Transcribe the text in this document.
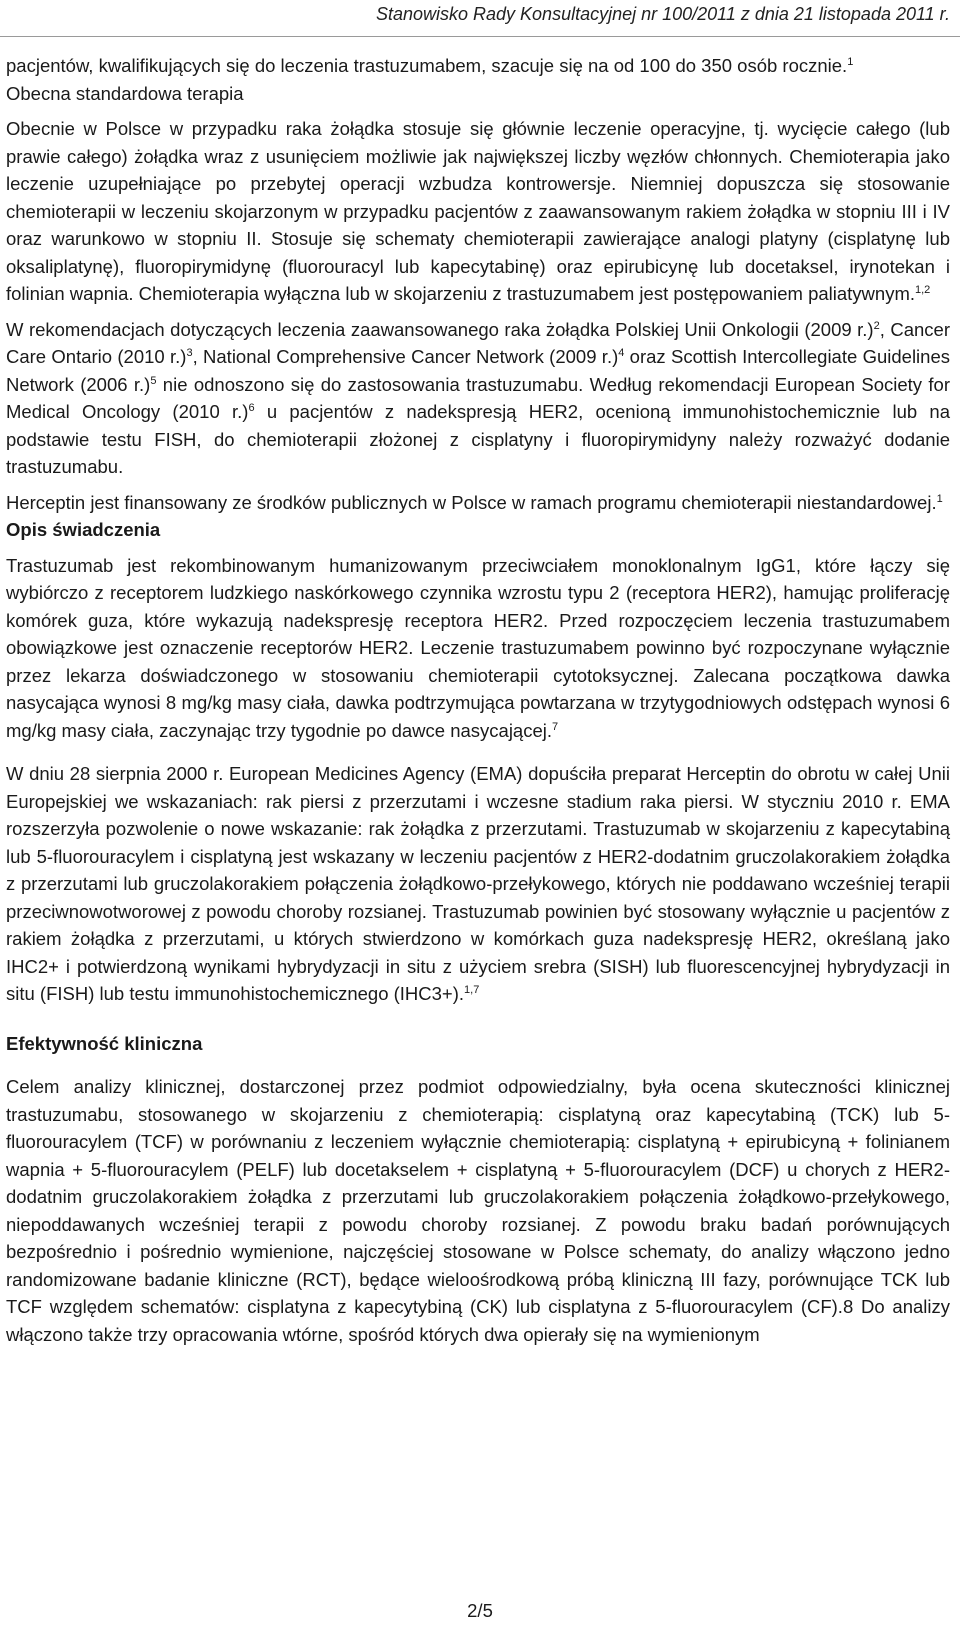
Stanowisko Rady Konsultacyjnej nr 100/2011 z dnia 21 listopada 2011 r.

pacjentów, kwalifikujących się do leczenia trastuzumabem, szacuje się na od 100 do 350 osób rocznie.$^1$

Obecna standardowa terapia

Obecnie w Polsce w przypadku raka żołądka stosuje się głównie leczenie operacyjne, tj. wycięcie całego (lub prawie całego) żołądka wraz z usunięciem możliwie jak największej liczby węzłów chłonnych. Chemioterapia jako leczenie uzupełniające po przebytej operacji wzbudza kontrowersje. Niemniej dopuszcza się stosowanie chemioterapii w leczeniu skojarzonym w przypadku pacjentów z zaawansowanym rakiem żołądka w stopniu III i IV oraz warunkowo w stopniu II. Stosuje się schematy chemioterapii zawierające analogi platyny (cisplatynę lub oksaliplatynę), fluoropirymidynę (fluorouracyl lub kapecytabinę) oraz epirubicynę lub docetaksel, irynotekan i folinian wapnia. Chemioterapia wyłączna lub w skojarzeniu z trastuzumabem jest postępowaniem paliatywnym.$^{1,2}$

W rekomendacjach dotyczących leczenia zaawansowanego raka żołądka Polskiej Unii Onkologii (2009 r.)$^2$, Cancer Care Ontario (2010 r.)$^3$, National Comprehensive Cancer Network (2009 r.)$^4$ oraz Scottish Intercollegiate Guidelines Network (2006 r.)$^5$ nie odnoszono się do zastosowania trastuzumabu. Według rekomendacji European Society for Medical Oncology (2010 r.)$^6$ u pacjentów z nadekspresją HER2, ocenioną immunohistochemicznie lub na podstawie testu FISH, do chemioterapii złożonej z cisplatyny i fluoropirymidyny należy rozważyć dodanie trastuzumabu.

Herceptin jest finansowany ze środków publicznych w Polsce w ramach programu chemioterapii niestandardowej.$^1$

Opis świadczenia

Trastuzumab jest rekombinowanym humanizowanym przeciwciałem monoklonalnym IgG1, które łączy się wybiórczo z receptorem ludzkiego naskórkowego czynnika wzrostu typu 2 (receptora HER2), hamując proliferację komórek guza, które wykazują nadekspresję receptora HER2. Przed rozpoczęciem leczenia trastuzumabem obowiązkowe jest oznaczenie receptorów HER2. Leczenie trastuzumabem powinno być rozpoczynane wyłącznie przez lekarza doświadczonego w stosowaniu chemioterapii cytotoksycznej. Zalecana początkowa dawka nasycająca wynosi 8 mg/kg masy ciała, dawka podtrzymująca powtarzana w trzytygodniowych odstępach wynosi 6 mg/kg masy ciała, zaczynając trzy tygodnie po dawce nasycającej.$^7$

W dniu 28 sierpnia 2000 r. European Medicines Agency (EMA) dopuściła preparat Herceptin do obrotu w całej Unii Europejskiej we wskazaniach: rak piersi z przerzutami i wczesne stadium raka piersi. W styczniu 2010 r. EMA rozszerzyła pozwolenie o nowe wskazanie: rak żołądka z przerzutami. Trastuzumab w skojarzeniu z kapecytabiną lub 5-fluorouracylem i cisplatyną jest wskazany w leczeniu pacjentów z HER2-dodatnim gruczolakorakiem żołądka z przerzutami lub gruczolakorakiem połączenia żołądkowo-przełykowego, których nie poddawano wcześniej terapii przeciwnowotworowej z powodu choroby rozsianej. Trastuzumab powinien być stosowany wyłącznie u pacjentów z rakiem żołądka z przerzutami, u których stwierdzono w komórkach guza nadekspresję HER2, określaną jako IHC2+ i potwierdzoną wynikami hybrydyzacji in situ z użyciem srebra (SISH) lub fluorescencyjnej hybrydyzacji in situ (FISH) lub testu immunohistochemicznego (IHC3+).$^{1,7}$

Efektywność kliniczna

Celem analizy klinicznej, dostarczonej przez podmiot odpowiedzialny, była ocena skuteczności klinicznej trastuzumabu, stosowanego w skojarzeniu z chemioterapią: cisplatyną oraz kapecytabiną (TCK) lub 5-fluorouracylem (TCF) w porównaniu z leczeniem wyłącznie chemioterapią: cisplatyną + epirubicyną + folinianem wapnia + 5-fluorouracylem (PELF) lub docetakselem + cisplatyną + 5-fluorouracylem (DCF) u chorych z HER2-dodatnim gruczolakorakiem żołądka z przerzutami lub gruczolakorakiem połączenia żołądkowo-przełykowego, niepoddawanych wcześniej terapii z powodu choroby rozsianej. Z powodu braku badań porównujących bezpośrednio i pośrednio wymienione, najczęściej stosowane w Polsce schematy, do analizy włączono jedno randomizowane badanie kliniczne (RCT), będące wieloośrodkową próbą kliniczną III fazy, porównujące TCK lub TCF względem schematów: cisplatyna z kapecytybiną (CK) lub cisplatyna z 5-fluorouracylem (CF).8 Do analizy włączono także trzy opracowania wtórne, spośród których dwa opierały się na wymienionym

2/5
